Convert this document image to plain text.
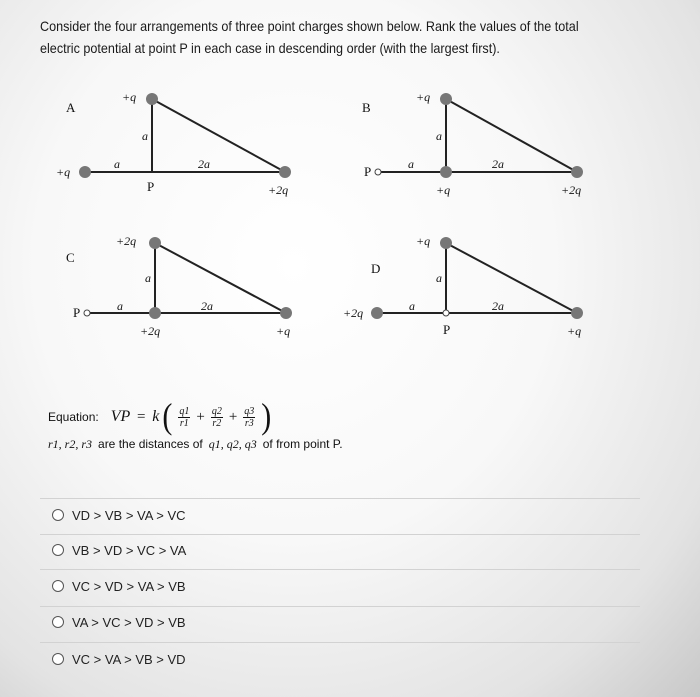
Consider the four arrangements of three point charges shown below. Rank the values of the total electric potential at point P in each case in descending order (with the largest first).
A
+q
+q
+2q
a
a	2a
P
B
+q
+q	+2q
a
a	2a
P
C
+2q
+2q	+q
a
a	2a
P
D
+q
+2q
+q
a
a	2a
P
Equation: VP = k ( $\frac{q1}{r1} + \frac{q2}{r2} + \frac{q3}{r3}$ )
r1, r2, r3 are the distances of q1, q2, q3 of from point P.
VD > VB > VA > VC
VB > VD > VC > VA
VC > VD > VA > VB
VA > VC > VD > VB
VC > VA > VB > VD
